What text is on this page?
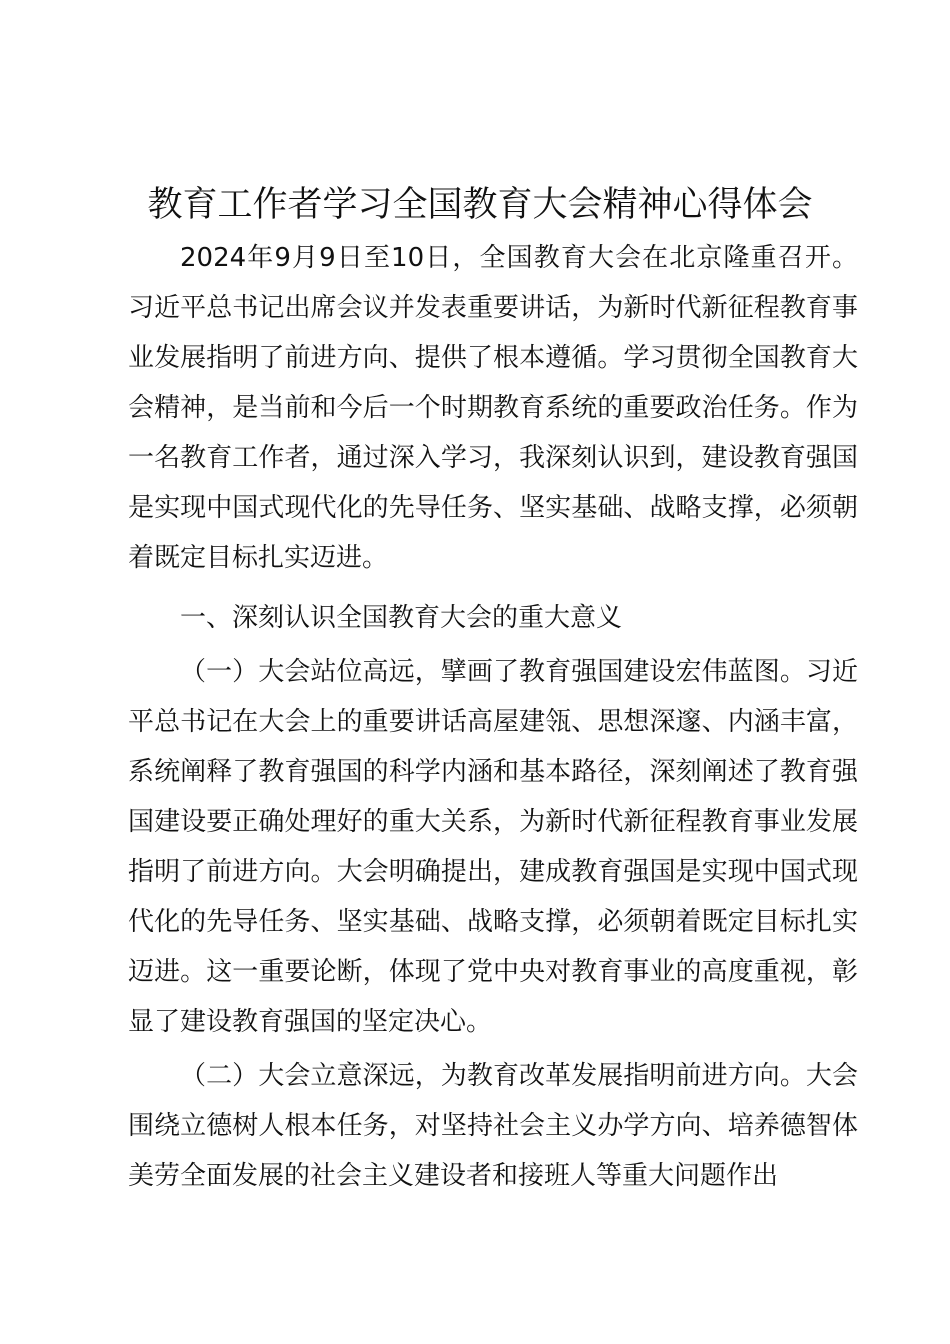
教育工作者学习全国教育大会精神心得体会

2024年9月9日至10日，全国教育大会在北京隆重召开。习近平总书记出席会议并发表重要讲话，为新时代新征程教育事业发展指明了前进方向、提供了根本遵循。学习贯彻全国教育大会精神，是当前和今后一个时期教育系统的重要政治任务。作为一名教育工作者，通过深入学习，我深刻认识到，建设教育强国是实现中国式现代化的先导任务、坚实基础、战略支撑，必须朝着既定目标扎实迈进。

一、深刻认识全国教育大会的重大意义

（一）大会站位高远，擘画了教育强国建设宏伟蓝图。习近平总书记在大会上的重要讲话高屋建瓴、思想深邃、内涵丰富，系统阐释了教育强国的科学内涵和基本路径，深刻阐述了教育强国建设要正确处理好的重大关系，为新时代新征程教育事业发展指明了前进方向。大会明确提出，建成教育强国是实现中国式现代化的先导任务、坚实基础、战略支撑，必须朝着既定目标扎实迈进。这一重要论断，体现了党中央对教育事业的高度重视，彰显了建设教育强国的坚定决心。

（二）大会立意深远，为教育改革发展指明前进方向。大会围绕立德树人根本任务，对坚持社会主义办学方向、培养德智体美劳全面发展的社会主义建设者和接班人等重大问题作出
